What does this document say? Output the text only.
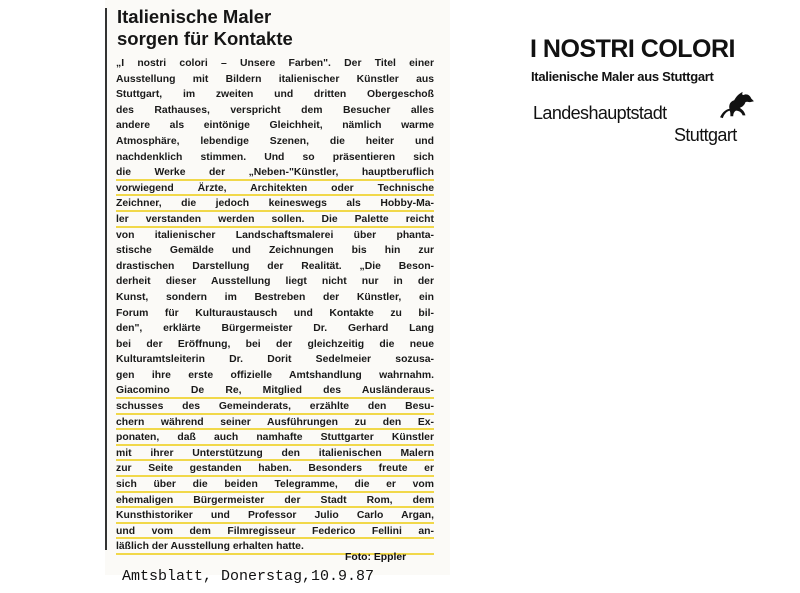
Italienische Maler
sorgen für Kontakte
„I nostri colori – Unsere Farben". Der Titel einer
Ausstellung mit Bildern italienischer Künstler aus
Stuttgart, im zweiten und dritten Obergeschoß
des Rathauses, verspricht dem Besucher alles
andere als eintönige Gleichheit, nämlich warme
Atmosphäre, lebendige Szenen, die heiter und
nachdenklich stimmen. Und so präsentieren sich
die Werke der „Neben-"Künstler, hauptberuflich
vorwiegend Ärzte, Architekten oder Technische
Zeichner, die jedoch keineswegs als Hobby-Ma-
ler verstanden werden sollen. Die Palette reicht
von italienischer Landschaftsmalerei über phanta-
stische Gemälde und Zeichnungen bis hin zur
drastischen Darstellung der Realität. „Die Beson-
derheit dieser Ausstellung liegt nicht nur in der
Kunst, sondern im Bestreben der Künstler, ein
Forum für Kulturaustausch und Kontakte zu bil-
den", erklärte Bürgermeister Dr. Gerhard Lang
bei der Eröffnung, bei der gleichzeitig die neue
Kulturamtsleiterin Dr. Dorit Sedelmeier sozusa-
gen ihre erste offizielle Amtshandlung wahrnahm.
Giacomino De Re, Mitglied des Ausländeraus-
schusses des Gemeinderats, erzählte den Besu-
chern während seiner Ausführungen zu den Ex-
ponaten, daß auch namhafte Stuttgarter Künstler
mit ihrer Unterstützung den italienischen Malern
zur Seite gestanden haben. Besonders freute er
sich über die beiden Telegramme, die er vom
ehemaligen Bürgermeister der Stadt Rom, dem
Kunsthistoriker und Professor Julio Carlo Argan,
und vom dem Filmregisseur Federico Fellini an-
läßlich der Ausstellung erhalten hatte.
Foto: Eppler
Amtsblatt, Donerstag,10.9.87
I NOSTRI COLORI
Italienische Maler aus Stuttgart
Landeshauptstadt
Stuttgart
